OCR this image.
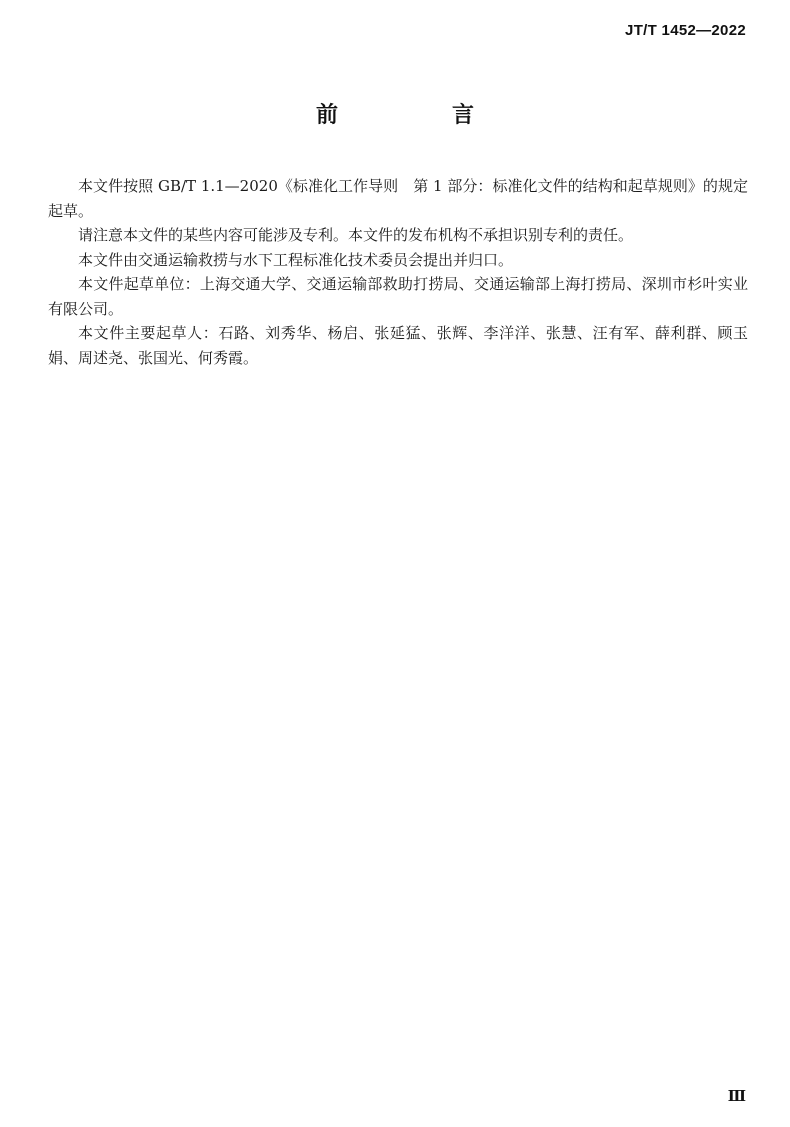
JT/T 1452—2022
前　言

本文件按照 GB/T 1.1—2020《标准化工作导则　第 1 部分：标准化文件的结构和起草规则》的规定起草。

请注意本文件的某些内容可能涉及专利。本文件的发布机构不承担识别专利的责任。

本文件由交通运输救捞与水下工程标准化技术委员会提出并归口。

本文件起草单位：上海交通大学、交通运输部救助打捞局、交通运输部上海打捞局、深圳市杉叶实业有限公司。

本文件主要起草人：石路、刘秀华、杨启、张延猛、张辉、李洋洋、张慧、汪有军、薛利群、顾玉娟、周述尧、张国光、何秀霞。

Ⅲ
